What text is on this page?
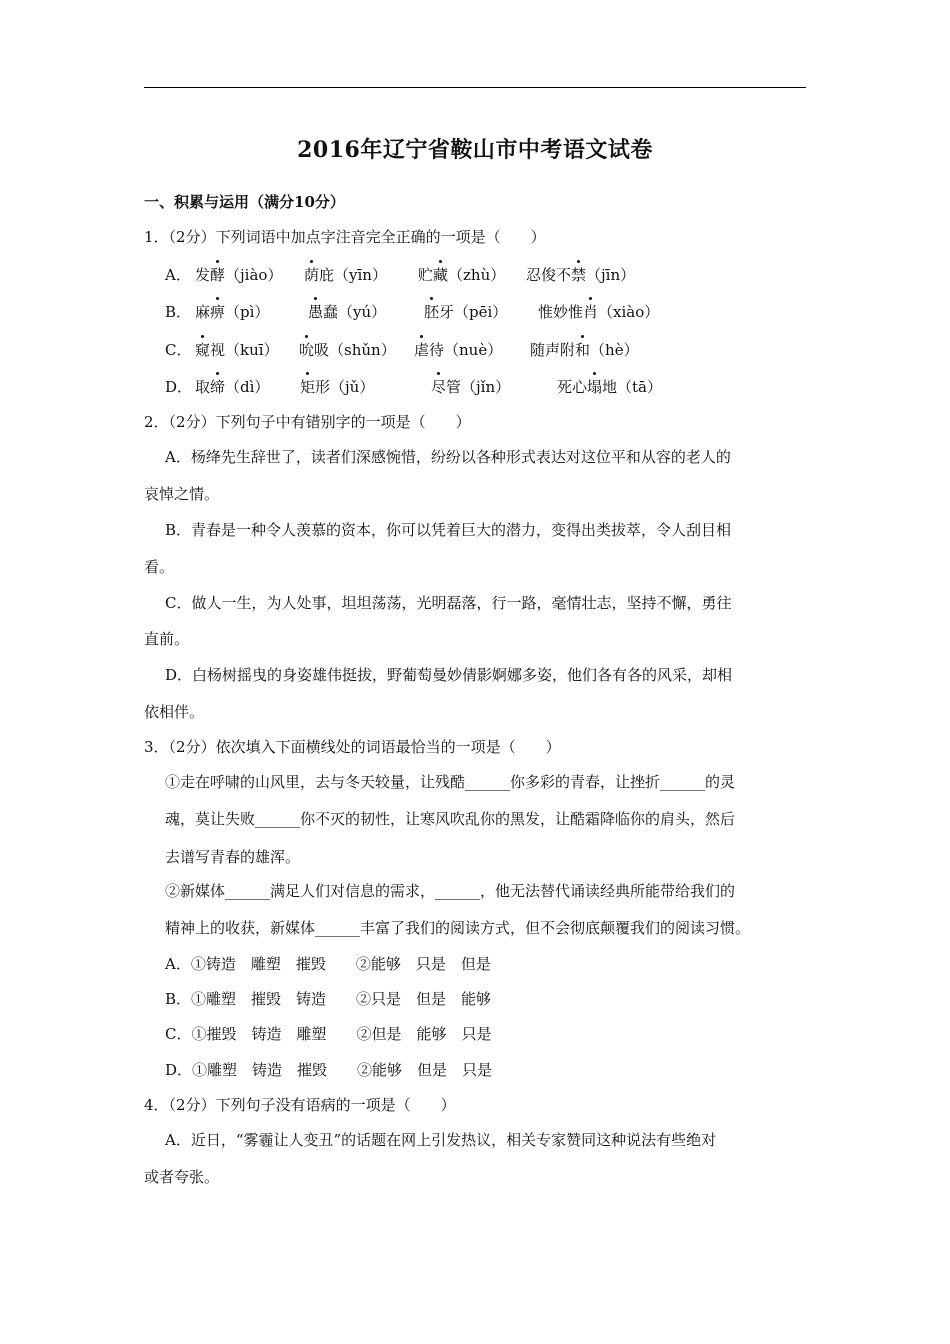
2016年辽宁省鞍山市中考语文试卷
一、积累与运用（满分10分）
1．（2分）下列词语中加点字注音完全正确的一项是（　　）
A． 发酵（jiào） 荫庇（yīn） 贮藏（zhù） 忍俊不禁（jīn）
B． 麻痹（pì）	愚蠢（yú）	胚牙（pēi） 惟妙惟肖（xiào）
C． 窥视（kuī） 吮吸（shǔn） 虐待（nuè） 随声附和（hè）
D． 取缔（dì） 矩形（jǔ）	尽管（jǐn）	死心塌地（tā）
2．（2分）下列句子中有错别字的一项是（　　）
A．杨绛先生辞世了，读者们深感惋惜，纷纷以各种形式表达对这位平和从容的老人的
哀悼之情。
B．青春是一种令人羡慕的资本，你可以凭着巨大的潜力，变得出类拔萃，令人刮目相
看。
C．做人一生，为人处事，坦坦荡荡，光明磊落，行一路，毫情壮志，坚持不懈，勇往
直前。
D．白杨树摇曳的身姿雄伟挺拔，野葡萄曼妙倩影婀娜多姿，他们各有各的风采，却相
依相伴。
3．（2分）依次填入下面横线处的词语最恰当的一项是（　　）
①走在呼啸的山风里，去与冬天较量，让残酷______你多彩的青春，让挫折______的灵
魂，莫让失败______你不灭的韧性，让寒风吹乱你的黑发，让酷霜降临你的肩头，然后
去谱写青春的雄浑。
②新媒体______满足人们对信息的需求，______，他无法替代诵读经典所能带给我们的
精神上的收获，新媒体______丰富了我们的阅读方式，但不会彻底颠覆我们的阅读习惯。
A．①铸造　雕塑　摧毁　　②能够　只是　但是
B．①雕塑　摧毁　铸造　　②只是　但是　能够
C．①摧毁　铸造　雕塑　　②但是　能够　只是
D．①雕塑　铸造　摧毁　　②能够　但是　只是
4．（2分）下列句子没有语病的一项是（　　）
A．近日，“雾霾让人变丑”的话题在网上引发热议，相关专家赞同这种说法有些绝对
或者夸张。
